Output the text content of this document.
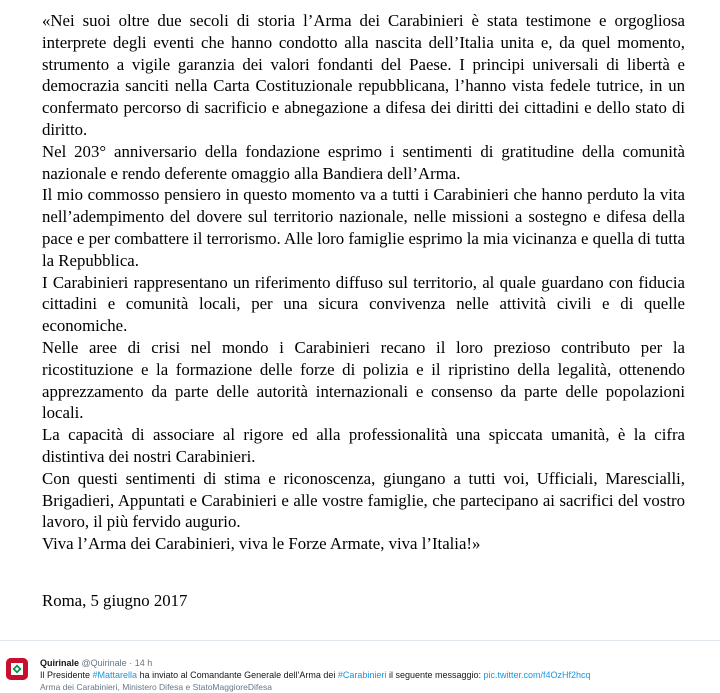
«Nei suoi oltre due secoli di storia l’Arma dei Carabinieri è stata testimone e orgogliosa interprete degli eventi che hanno condotto alla nascita dell’Italia unita e, da quel momento, strumento a vigile garanzia dei valori fondanti del Paese. I principi universali di libertà e democrazia sanciti nella Carta Costituzionale repubblicana, l’hanno vista fedele tutrice, in un confermato percorso di sacrificio e abnegazione a difesa dei diritti dei cittadini e dello stato di diritto.

Nel 203° anniversario della fondazione esprimo i sentimenti di gratitudine della comunità nazionale e rendo deferente omaggio alla Bandiera dell’Arma.

Il mio commosso pensiero in questo momento va a tutti i Carabinieri che hanno perduto la vita nell’adempimento del dovere sul territorio nazionale, nelle missioni a sostegno e difesa della pace e per combattere il terrorismo. Alle loro famiglie esprimo la mia vicinanza e quella di tutta la Repubblica.

I Carabinieri rappresentano un riferimento diffuso sul territorio, al quale guardano con fiducia cittadini e comunità locali, per una sicura convivenza nelle attività civili e di quelle economiche.

Nelle aree di crisi nel mondo i Carabinieri recano il loro prezioso contributo per la ricostituzione e la formazione delle forze di polizia e il ripristino della legalità, ottenendo apprezzamento da parte delle autorità internazionali e consenso da parte delle popolazioni locali.

La capacità di associare al rigore ed alla professionalità una spiccata umanità, è la cifra distintiva dei nostri Carabinieri.

Con questi sentimenti di stima e riconoscenza, giungano a tutti voi, Ufficiali, Marescialli, Brigadieri, Appuntati e Carabinieri e alle vostre famiglie, che partecipano ai sacrifici del vostro lavoro, il più fervido augurio.

Viva l’Arma dei Carabinieri, viva le Forze Armate, viva l’Italia!»

Roma, 5 giugno 2017
Quirinale @Quirinale · 14 h
Il Presidente #Mattarella ha inviato al Comandante Generale dell'Arma dei #Carabinieri il seguente messaggio: pic.twitter.com/f4OzHf2hcq
Arma dei Carabinieri, Ministero Difesa e StatoMaggioreDifesa
